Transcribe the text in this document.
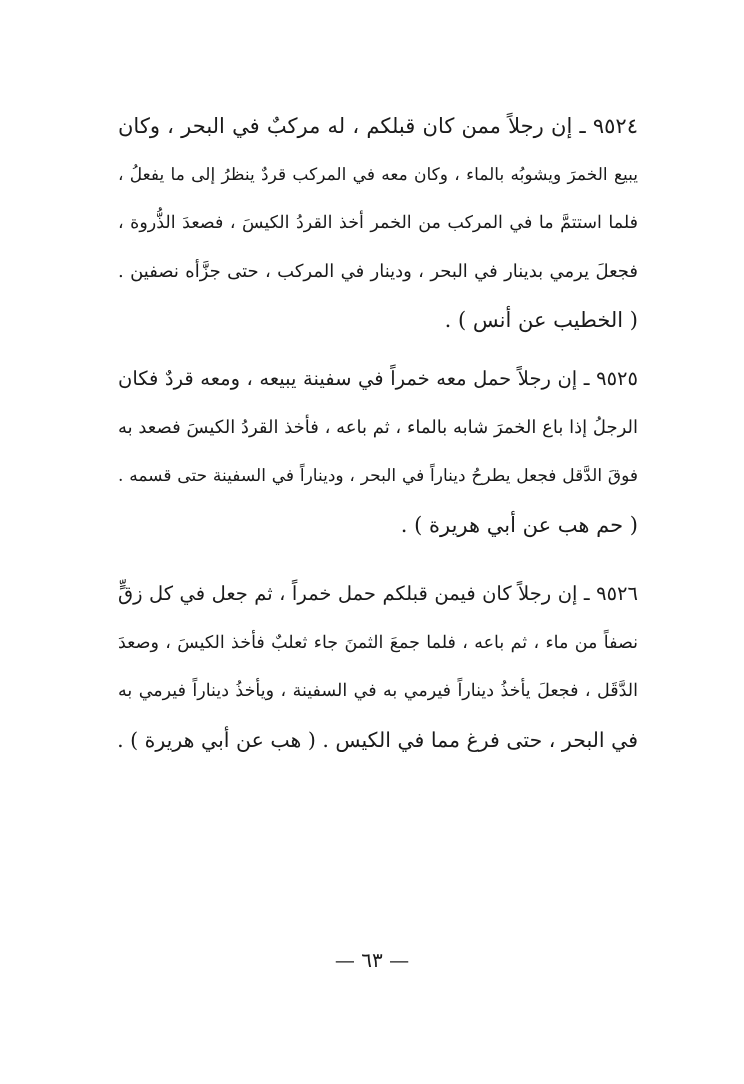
٩٥٢٤ ـ إن رجلاً ممن كان قبلكم ، له مركبٌ في البحر ، وكان
يبيع الخمرَ ويشوبُه بالماء ، وكان معه في المركب قردٌ ينظرُ إلى ما يفعلُ ،
فلما استتمَّ ما في المركب من الخمر أخذ القردُ الكيسَ ، فصعدَ الذُّروة ،
فجعلَ يرمي بدينار في البحر ، ودينار في المركب ، حتى جزَّأه نصفين .
( الخطيب عن أنس ) .
٩٥٢٥ ـ إن رجلاً حمل معه خمراً في سفينة يبيعه ، ومعه قردٌ فكان
الرجلُ إذا باع الخمرَ شابه بالماء ، ثم باعه ، فأخذ القردُ الكيسَ فصعد به
فوقَ الدَّقل فجعل يطرحُ ديناراً في البحر ، وديناراً في السفينة حتى قسمه .
( حم هب عن أبي هريرة ) .
٩٥٢٦ ـ إن رجلاً كان فيمن قبلكم حمل خمراً ، ثم جعل في كل زقٍّ
نصفاً من ماء ، ثم باعه ، فلما جمعَ الثمنَ جاء ثعلبٌ فأخذ الكيسَ ، وصعدَ
الدَّقَل ، فجعلَ يأخذُ ديناراً فيرمي به في السفينة ، ويأخذُ ديناراً فيرمي به
في البحر ، حتى فرغ مما في الكيس . ( هب عن أبي هريرة ) .
— ٦٣ —
